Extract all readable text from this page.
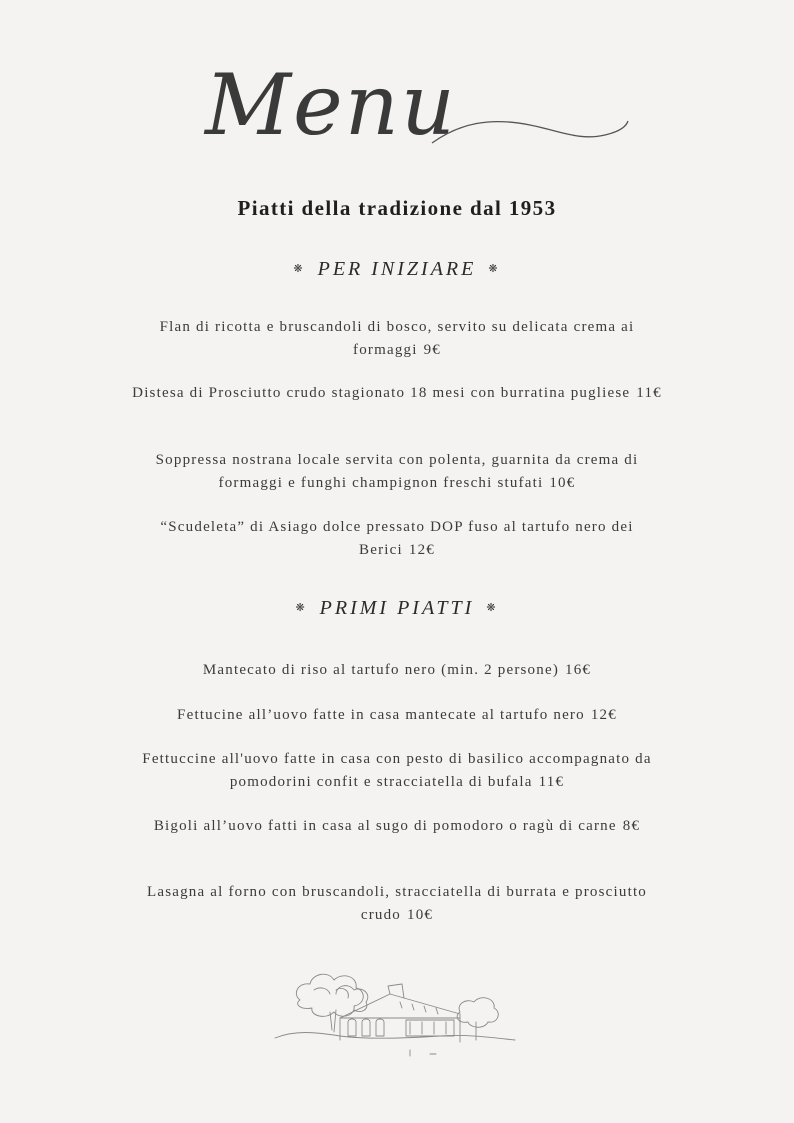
Menu
Piatti della tradizione dal 1953
❋ PER INIZIARE ❋
Flan di ricotta e bruscandoli di bosco, servito su delicata crema ai formaggi 9€
Distesa di Prosciutto crudo stagionato 18 mesi con burratina pugliese 11€
Soppressa nostrana locale servita con polenta, guarnita da crema di formaggi e funghi champignon freschi stufati 10€
“Scudeleta” di Asiago dolce pressato DOP fuso al tartufo nero dei Berici 12€
❋ PRIMI PIATTI ❋
Mantecato di riso al tartufo nero (min. 2 persone) 16€
Fettucine all’uovo fatte in casa mantecate al tartufo nero 12€
Fettuccine all'uovo fatte in casa con pesto di basilico accompagnato da pomodorini confit e stracciatella di bufala 11€
Bigoli all’uovo fatti in casa al sugo di pomodoro o ragù di carne 8€
Lasagna al forno con bruscandoli, stracciatella di burrata e prosciutto crudo 10€
